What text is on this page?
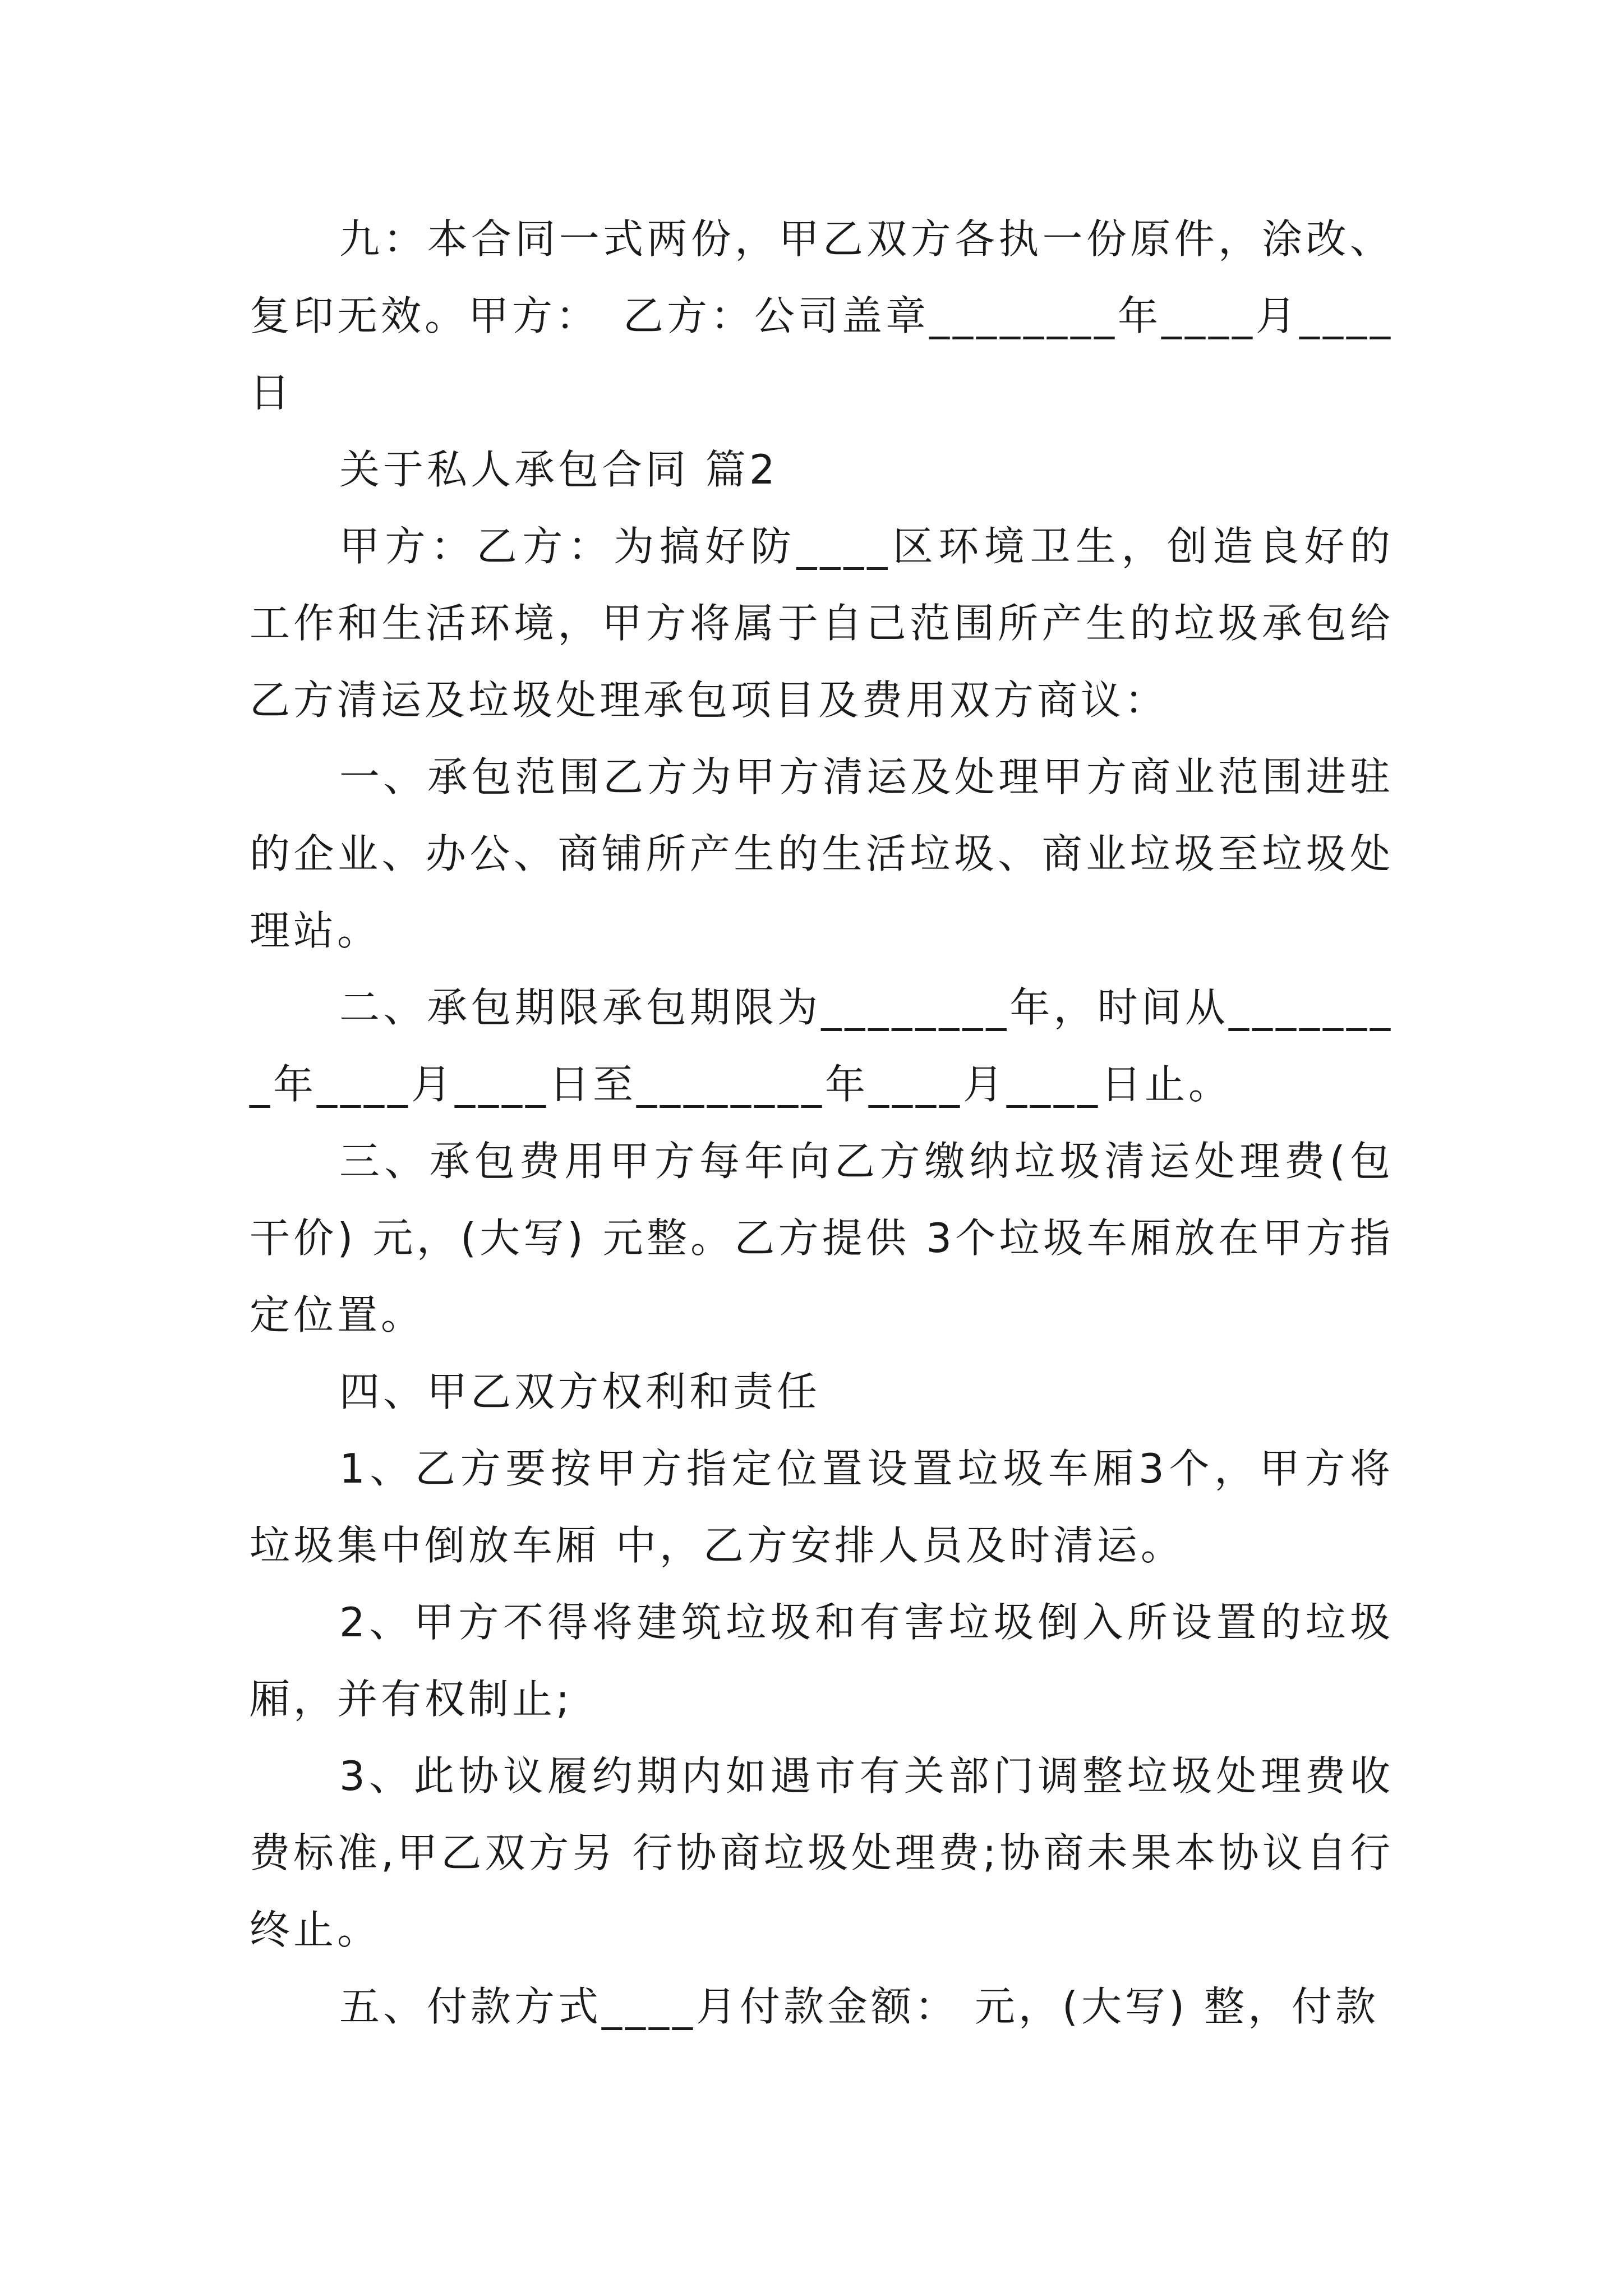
九：本合同一式两份，甲乙双方各执一份原件，涂改、复印无效。甲方：　乙方：公司盖章________年____月____日

关于私人承包合同 篇2

甲方：乙方：为搞好防____区环境卫生，创造良好的工作和生活环境，甲方将属于自己范围所产生的垃圾承包给乙方清运及垃圾处理承包项目及费用双方商议：

一、承包范围乙方为甲方清运及处理甲方商业范围进驻的企业、办公、商铺所产生的生活垃圾、商业垃圾至垃圾处理站。

二、承包期限承包期限为________年，时间从________年____月____日至________年____月____日止。

三、承包费用甲方每年向乙方缴纳垃圾清运处理费(包干价) 元，(大写) 元整。乙方提供 3个垃圾车厢放在甲方指定位置。

四、甲乙双方权利和责任

1、乙方要按甲方指定位置设置垃圾车厢3个，甲方将垃圾集中倒放车厢 中，乙方安排人员及时清运。

2、甲方不得将建筑垃圾和有害垃圾倒入所设置的垃圾厢，并有权制止;

3、此协议履约期内如遇市有关部门调整垃圾处理费收费标准,甲乙双方另 行协商垃圾处理费;协商未果本协议自行终止。

五、付款方式____月付款金额： 元，(大写) 整，付款
